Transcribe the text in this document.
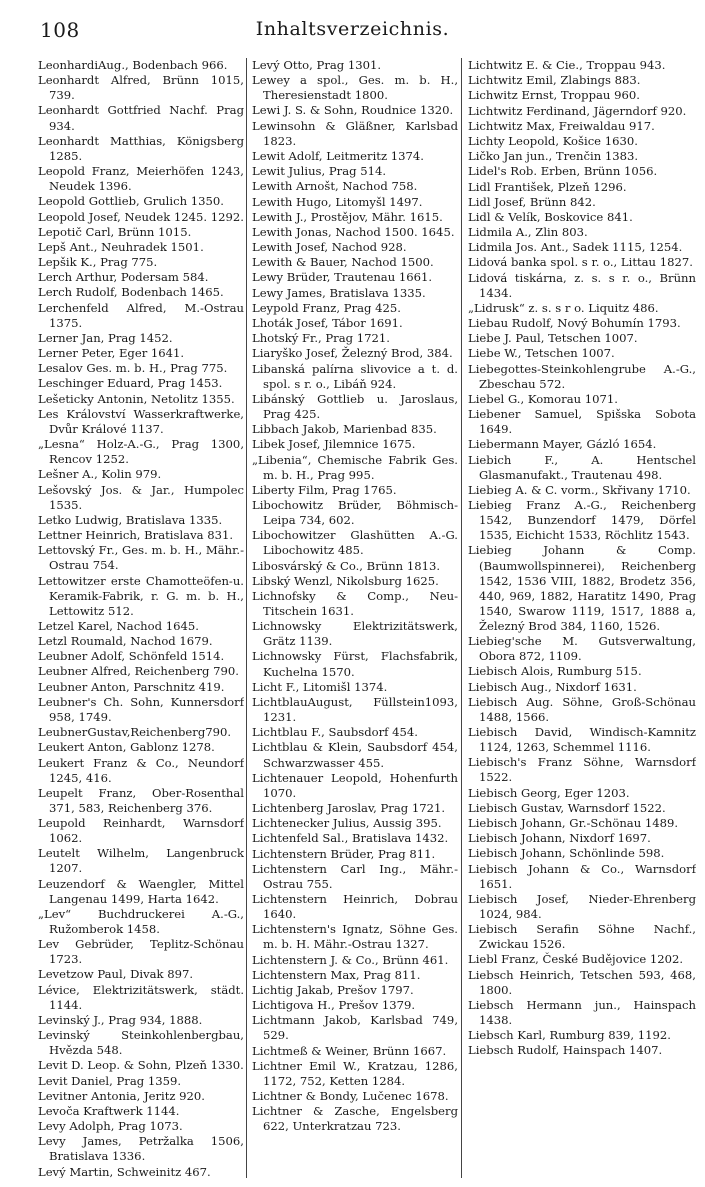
108	Inhaltsverzeichnis.
LeonhardiAug., Bodenbach 966.
Leonhardt Alfred, Brünn 1015, 739.
Leonhardt Gottfried Nachf. Prag 934.
Leonhardt Matthias, Königsberg 1285.
Leopold Franz, Meierhöfen 1243, Neudek 1396.
Leopold Gottlieb, Grulich 1350.
Leopold Josef, Neudek 1245. 1292.
Lepotič Carl, Brünn 1015.
Lepš Ant., Neuhradek 1501.
Lepšik K., Prag 775.
Lerch Arthur, Podersam 584.
Lerch Rudolf, Bodenbach 1465.
Lerchenfeld Alfred, M.-Ostrau 1375.
Lerner Jan, Prag 1452.
Lerner Peter, Eger 1641.
Lesalov Ges. m. b. H., Prag 775.
Leschinger Eduard, Prag 1453.
Lešeticky Antonin, Netolitz 1355.
Les Království Wasserkraftwerke, Dvůr Králové 1137.
„Lesna“ Holz-A.-G., Prag 1300, Rencov 1252.
Lešner A., Kolin 979.
Lešovský Jos. & Jar., Humpolec 1535.
Letko Ludwig, Bratislava 1335.
Lettner Heinrich, Bratislava 831.
Lettovský Fr., Ges. m. b. H., Mähr.-Ostrau 754.
Lettowitzer erste Chamotteöfen-u. Keramik-Fabrik, r. G. m. b. H., Lettowitz 512.
Letzel Karel, Nachod 1645.
Letzl Roumald, Nachod 1679.
Leubner Adolf, Schönfeld 1514.
Leubner Alfred, Reichenberg 790.
Leubner Anton, Parschnitz 419.
Leubner's Ch. Sohn, Kunnersdorf 958, 1749.
LeubnerGustav,Reichenberg790.
Leukert Anton, Gablonz 1278.
Leukert Franz & Co., Neundorf 1245, 416.
Leupelt Franz, Ober-Rosenthal 371, 583, Reichenberg 376.
Leupold Reinhardt, Warnsdorf 1062.
Leutelt Wilhelm, Langenbruck 1207.
Leuzendorf & Waengler, Mittel Langenau 1499, Harta 1642.
„Lev“ Buchdruckerei A.-G., Ružomberok 1458.
Lev Gebrüder, Teplitz-Schönau 1723.
Levetzow Paul, Divak 897.
Lévice, Elektrizitätswerk, städt. 1144.
Levinský J., Prag 934, 1888.
Levinský Steinkohlenbergbau, Hvězda 548.
Levit D. Leop. & Sohn, Plzeň 1330.
Levit Daniel, Prag 1359.
Levitner Antonia, Jeritz 920.
Levoča Kraftwerk 1144.
Levy Adolph, Prag 1073.
Levy James, Petržalka 1506, Bratislava 1336.
Levý Martin, Schweinitz 467.
Levý Otto, Prag 1301.
Lewey a spol., Ges. m. b. H., Theresienstadt 1800.
Lewi J. S. & Sohn, Roudnice 1320.
Lewinsohn & Gläßner, Karlsbad 1823.
Lewit Adolf, Leitmeritz 1374.
Lewit Julius, Prag 514.
Lewith Arnošt, Nachod 758.
Lewith Hugo, Litomyšl 1497.
Lewith J., Prostějov, Mähr. 1615.
Lewith Jonas, Nachod 1500. 1645.
Lewith Josef, Nachod 928.
Lewith & Bauer, Nachod 1500.
Lewy Brüder, Trautenau 1661.
Lewy James, Bratislava 1335.
Leypold Franz, Prag 425.
Lhoták Josef, Tábor 1691.
Lhotský Fr., Prag 1721.
Liaryško Josef, Železný Brod, 384.
Libanská palírna slivovice a t. d. spol. s r. o., Libáň 924.
Libánský Gottlieb u. Jaroslaus, Prag 425.
Libbach Jakob, Marienbad 835.
Libek Josef, Jilemnice 1675.
„Libenia“, Chemische Fabrik Ges. m. b. H., Prag 995.
Liberty Film, Prag 1765.
Libochowitz Brüder, Böhmisch-Leipa 734, 602.
Libochowitzer Glashütten A.-G. Libochowitz 485.
Libosvárský & Co., Brünn 1813.
Libský Wenzl, Nikolsburg 1625.
Lichnofsky & Comp., Neu-Titschein 1631.
Lichnowsky Elektrizitätswerk, Grätz 1139.
Lichnowsky Fürst, Flachsfabrik, Kuchelna 1570.
Licht F., Litomišl 1374.
LichtblauAugust, Füllstein1093, 1231.
Lichtblau F., Saubsdorf 454.
Lichtblau & Klein, Saubsdorf 454, Schwarzwasser 455.
Lichtenauer Leopold, Hohenfurth 1070.
Lichtenberg Jaroslav, Prag 1721.
Lichtenecker Julius, Aussig 395.
Lichtenfeld Sal., Bratislava 1432.
Lichtenstern Brüder, Prag 811.
Lichtenstern Carl Ing., Mähr.-Ostrau 755.
Lichtenstern Heinrich, Dobrau 1640.
Lichtenstern's Ignatz, Söhne Ges. m. b. H. Mähr.-Ostrau 1327.
Lichtenstern J. & Co., Brünn 461.
Lichtenstern Max, Prag 811.
Lichtig Jakab, Prešov 1797.
Lichtigova H., Prešov 1379.
Lichtmann Jakob, Karlsbad 749, 529.
Lichtmeß & Weiner, Brünn 1667.
Lichtner Emil W., Kratzau, 1286, 1172, 752, Ketten 1284.
Lichtner & Bondy, Lučenec 1678.
Lichtner & Zasche, Engelsberg 622, Unterkratzau 723.
Lichtwitz E. & Cie., Troppau 943.
Lichtwitz Emil, Zlabings 883.
Lichwitz Ernst, Troppau 960.
Lichtwitz Ferdinand, Jägerndorf 920.
Lichtwitz Max, Freiwaldau 917.
Lichty Leopold, Košice 1630.
Ličko Jan jun., Trenčin 1383.
Lidel's Rob. Erben, Brünn 1056.
Lidl František, Plzeň 1296.
Lidl Josef, Brünn 842.
Lidl & Velík, Boskovice 841.
Lidmila A., Zlin 803.
Lidmila Jos. Ant., Sadek 1115, 1254.
Lidová banka spol. s r. o., Littau 1827.
Lidová tiskárna, z. s. s r. o., Brünn 1434.
„Lidrusk“ z. s. s r o. Liquitz 486.
Liebau Rudolf, Nový Bohumín 1793.
Liebe J. Paul, Tetschen 1007.
Liebe W., Tetschen 1007.
Liebegottes-Steinkohlengrube A.-G., Zbeschau 572.
Liebel G., Komorau 1071.
Liebener Samuel, Spišska Sobota 1649.
Liebermann Mayer, Gázló 1654.
Liebich F., A. Hentschel Glasmanufakt., Trautenau 498.
Liebieg A. & C. vorm., Skřivany 1710.
Liebieg Franz A.-G., Reichenberg 1542, Bunzendorf 1479, Dörfel 1535, Eichicht 1533, Röchlitz 1543.
Liebieg Johann & Comp. (Baumwollspinnerei), Reichenberg 1542, 1536 VIII, 1882, Brodetz 356, 440, 969, 1882, Haratitz 1490, Prag 1540, Swarow 1119, 1517, 1888 a, Železný Brod 384, 1160, 1526.
Liebieg'sche M. Gutsverwaltung, Obora 872, 1109.
Liebisch Alois, Rumburg 515.
Liebisch Aug., Nixdorf 1631.
Liebisch Aug. Söhne, Groß-Schönau 1488, 1566.
Liebisch David, Windisch-Kamnitz 1124, 1263, Schemmel 1116.
Liebisch's Franz Söhne, Warnsdorf 1522.
Liebisch Georg, Eger 1203.
Liebisch Gustav, Warnsdorf 1522.
Liebisch Johann, Gr.-Schönau 1489.
Liebisch Johann, Nixdorf 1697.
Liebisch Johann, Schönlinde 598.
Liebisch Johann & Co., Warnsdorf 1651.
Liebisch Josef, Nieder-Ehrenberg 1024, 984.
Liebisch Serafin Söhne Nachf., Zwickau 1526.
Liebl Franz, České Budějovice 1202.
Liebsch Heinrich, Tetschen 593, 468, 1800.
Liebsch Hermann jun., Hainspach 1438.
Liebsch Karl, Rumburg 839, 1192.
Liebsch Rudolf, Hainspach 1407.
